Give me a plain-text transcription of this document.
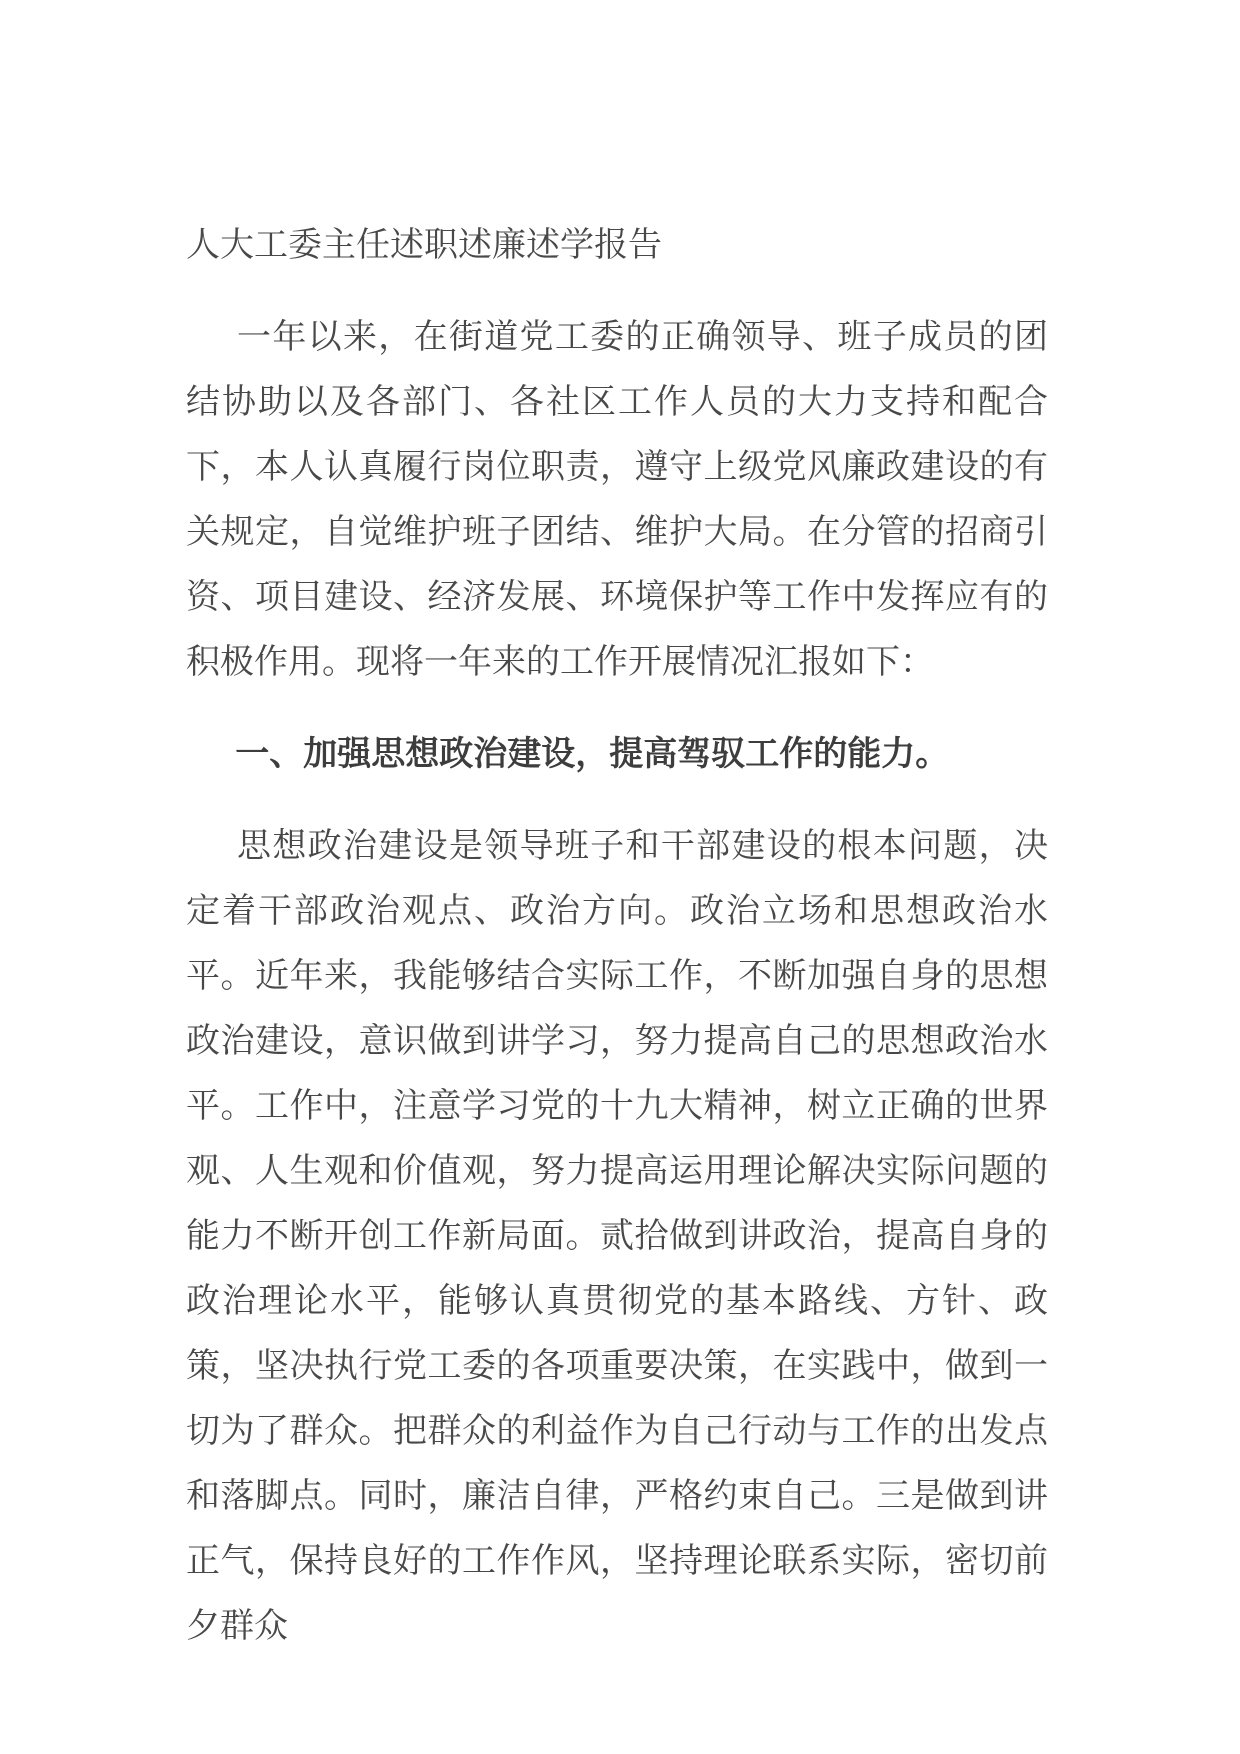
人大工委主任述职述廉述学报告

一年以来，在街道党工委的正确领导、班子成员的团结协助以及各部门、各社区工作人员的大力支持和配合下，本人认真履行岗位职责，遵守上级党风廉政建设的有关规定，自觉维护班子团结、维护大局。在分管的招商引资、项目建设、经济发展、环境保护等工作中发挥应有的积极作用。现将一年来的工作开展情况汇报如下：

一、加强思想政治建设，提高驾驭工作的能力。

思想政治建设是领导班子和干部建设的根本问题，决定着干部政治观点、政治方向。政治立场和思想政治水平。近年来，我能够结合实际工作，不断加强自身的思想政治建设，意识做到讲学习，努力提高自己的思想政治水平。工作中，注意学习党的十九大精神，树立正确的世界观、人生观和价值观，努力提高运用理论解决实际问题的能力不断开创工作新局面。贰拾做到讲政治，提高自身的政治理论水平，能够认真贯彻党的基本路线、方针、政策，坚决执行党工委的各项重要决策，在实践中，做到一切为了群众。把群众的利益作为自己行动与工作的出发点和落脚点。同时，廉洁自律，严格约束自己。三是做到讲正气，保持良好的工作作风，坚持理论联系实际，密切前夕群众
